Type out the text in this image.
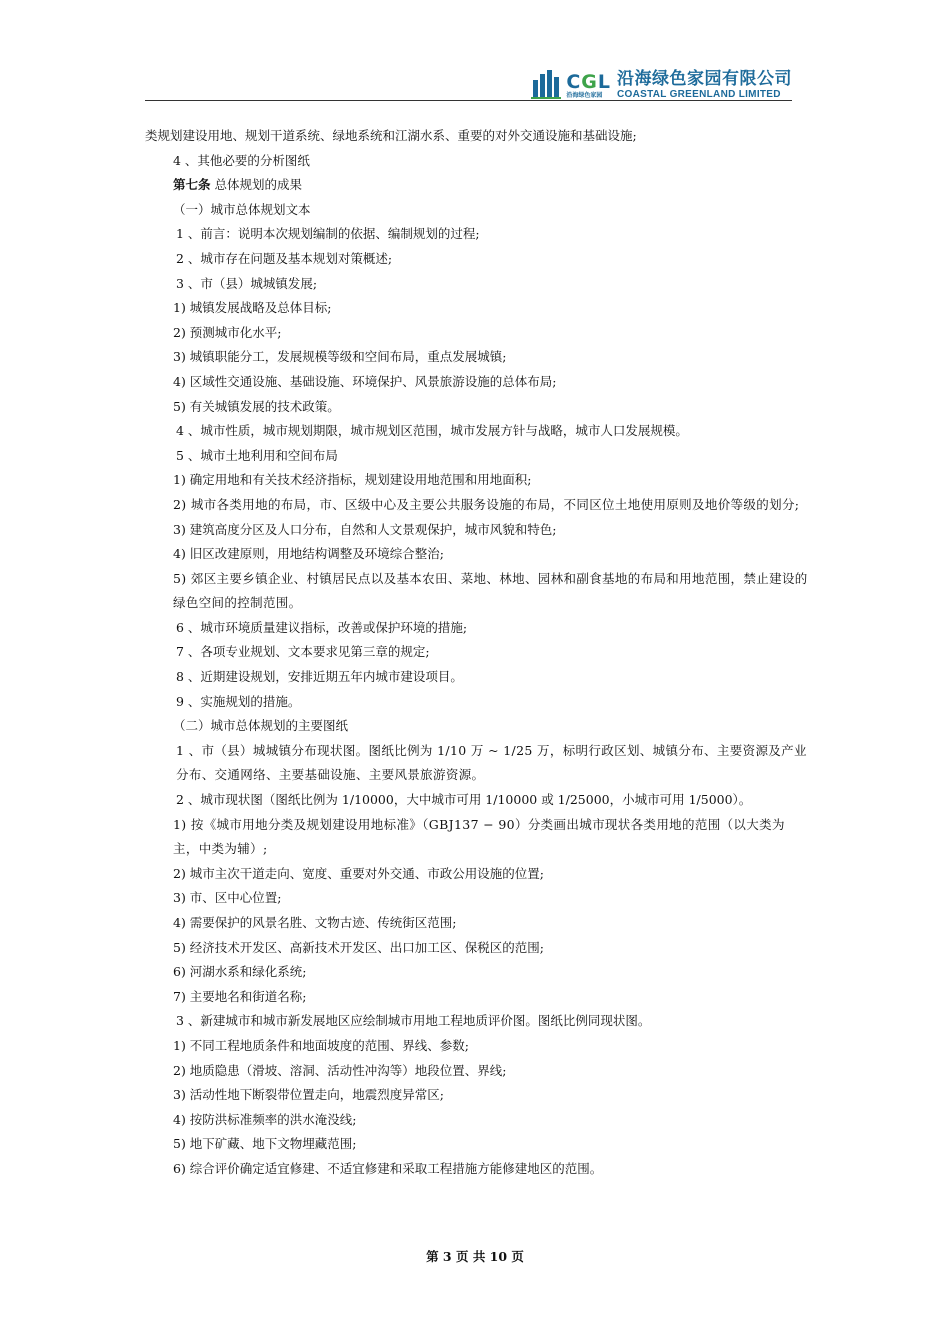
CGL
沿海绿色家园
沿海绿色家园有限公司
COASTAL GREENLAND LIMITED

类规划建设用地、规划干道系统、绿地系统和江湖水系、重要的对外交通设施和基础设施;

4 、其他必要的分析图纸

第七条 总体规划的成果

（一）城市总体规划文本

1 、前言：说明本次规划编制的依据、编制规划的过程;

2 、城市存在问题及基本规划对策概述;

3 、市（县）城城镇发展;

1) 城镇发展战略及总体目标;

2) 预测城市化水平;

3) 城镇职能分工，发展规模等级和空间布局，重点发展城镇;

4) 区域性交通设施、基础设施、环境保护、风景旅游设施的总体布局;

5) 有关城镇发展的技术政策。

4 、城市性质，城市规划期限，城市规划区范围，城市发展方针与战略，城市人口发展规模。

5 、城市土地利用和空间布局

1) 确定用地和有关技术经济指标，规划建设用地范围和用地面积;

2) 城市各类用地的布局，市、区级中心及主要公共服务设施的布局，不同区位土地使用原则及地价等级的划分;

3) 建筑高度分区及人口分布，自然和人文景观保护，城市风貌和特色;

4) 旧区改建原则，用地结构调整及环境综合整治;

5) 郊区主要乡镇企业、村镇居民点以及基本农田、菜地、林地、园林和副食基地的布局和用地范围，禁止建设的绿色空间的控制范围。

6 、城市环境质量建议指标，改善或保护环境的措施;

7 、各项专业规划、文本要求见第三章的规定;

8 、近期建设规划，安排近期五年内城市建设项目。

9 、实施规划的措施。

（二）城市总体规划的主要图纸

1 、市（县）城城镇分布现状图。图纸比例为 1/10 万 ~ 1/25 万，标明行政区划、城镇分布、主要资源及产业分布、交通网络、主要基础设施、主要风景旅游资源。

2 、城市现状图（图纸比例为 1/10000，大中城市可用 1/10000 或 1/25000，小城市可用 1/5000）。

1) 按《城市用地分类及规划建设用地标准》（GBJ137 − 90）分类画出城市现状各类用地的范围（以大类为主，中类为辅）;

2) 城市主次干道走向、宽度、重要对外交通、市政公用设施的位置;

3) 市、区中心位置;

4) 需要保护的风景名胜、文物古迹、传统街区范围;

5) 经济技术开发区、高新技术开发区、出口加工区、保税区的范围;

6) 河湖水系和绿化系统;

7) 主要地名和街道名称;

3 、新建城市和城市新发展地区应绘制城市用地工程地质评价图。图纸比例同现状图。

1) 不同工程地质条件和地面坡度的范围、界线、参数;

2) 地质隐患（滑坡、溶洞、活动性冲沟等）地段位置、界线;

3) 活动性地下断裂带位置走向，地震烈度异常区;

4) 按防洪标准频率的洪水淹没线;

5) 地下矿藏、地下文物埋藏范围;

6) 综合评价确定适宜修建、不适宜修建和采取工程措施方能修建地区的范围。

第 3 页 共 10 页
